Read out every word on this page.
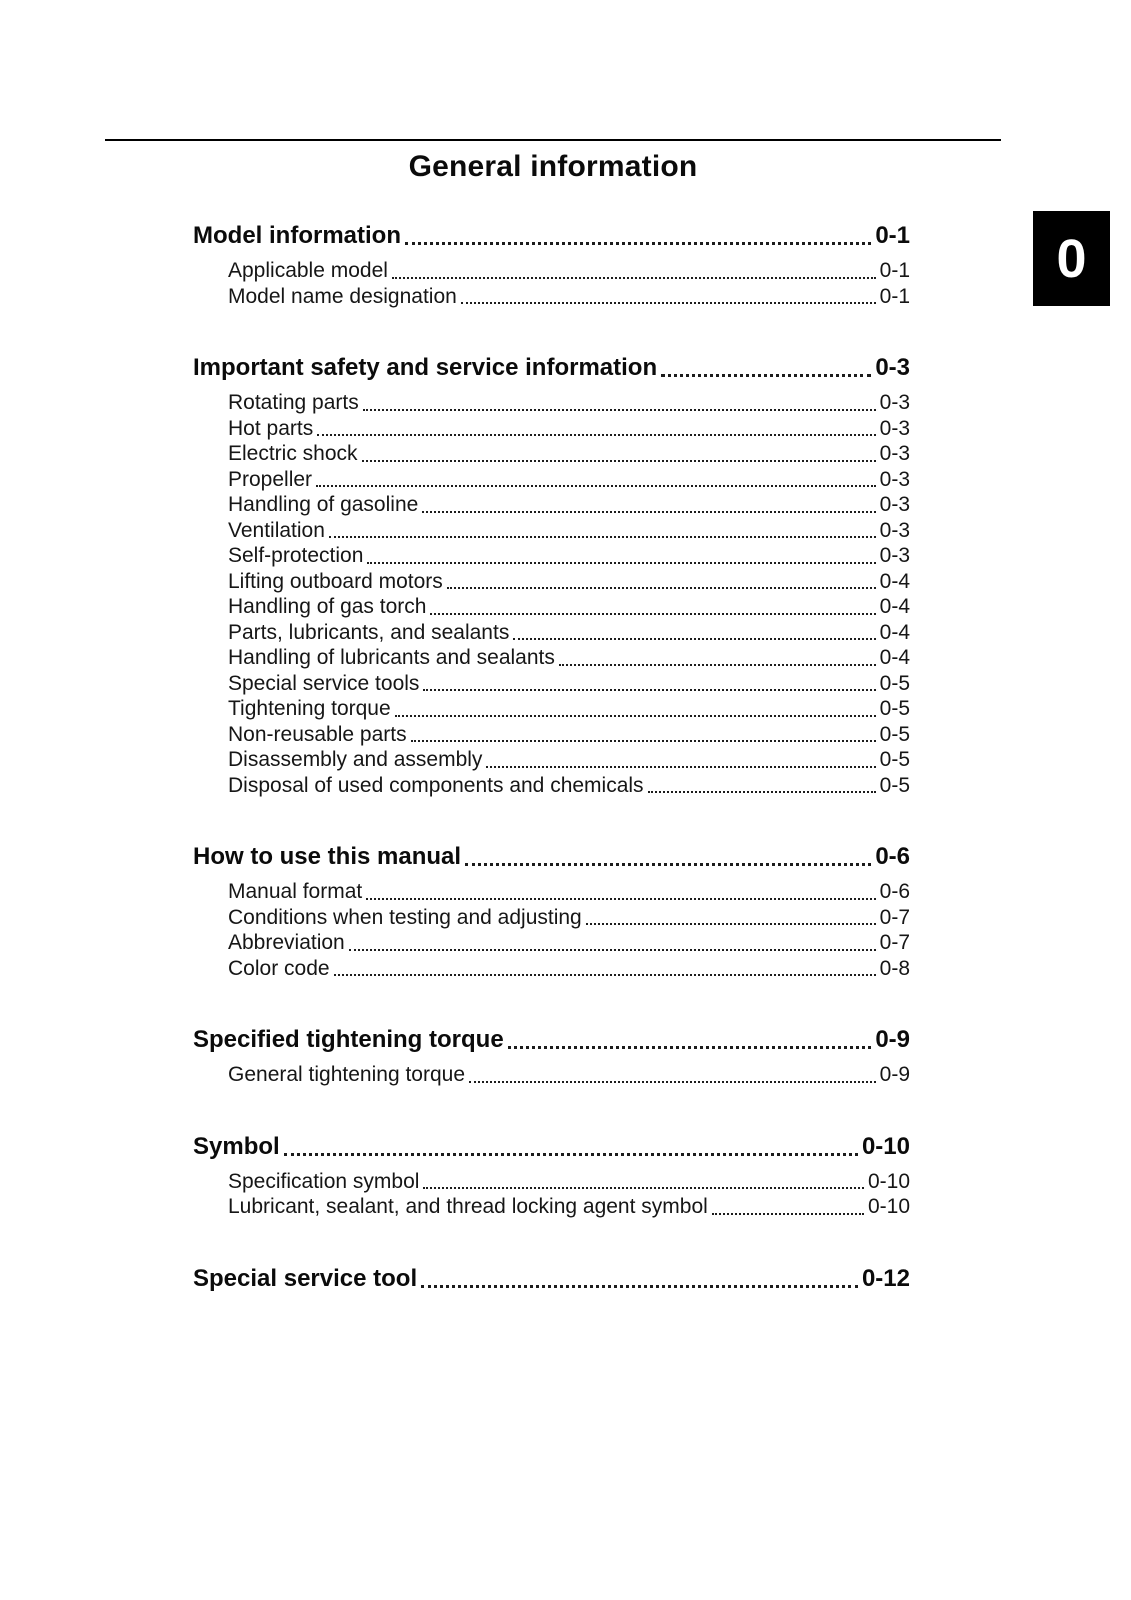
General information
0
Model information	0-1
Applicable model	0-1
Model name designation	0-1
Important safety and service information	0-3
Rotating parts	0-3
Hot parts	0-3
Electric shock	0-3
Propeller	0-3
Handling of gasoline	0-3
Ventilation	0-3
Self-protection	0-3
Lifting outboard motors	0-4
Handling of gas torch	0-4
Parts, lubricants, and sealants	0-4
Handling of lubricants and sealants	0-4
Special service tools	0-5
Tightening torque	0-5
Non-reusable parts	0-5
Disassembly and assembly	0-5
Disposal of used components and chemicals	0-5
How to use this manual	0-6
Manual format	0-6
Conditions when testing and adjusting	0-7
Abbreviation	0-7
Color code	0-8
Specified tightening torque	0-9
General tightening torque	0-9
Symbol	0-10
Specification symbol	0-10
Lubricant, sealant, and thread locking agent symbol	0-10
Special service tool	0-12
